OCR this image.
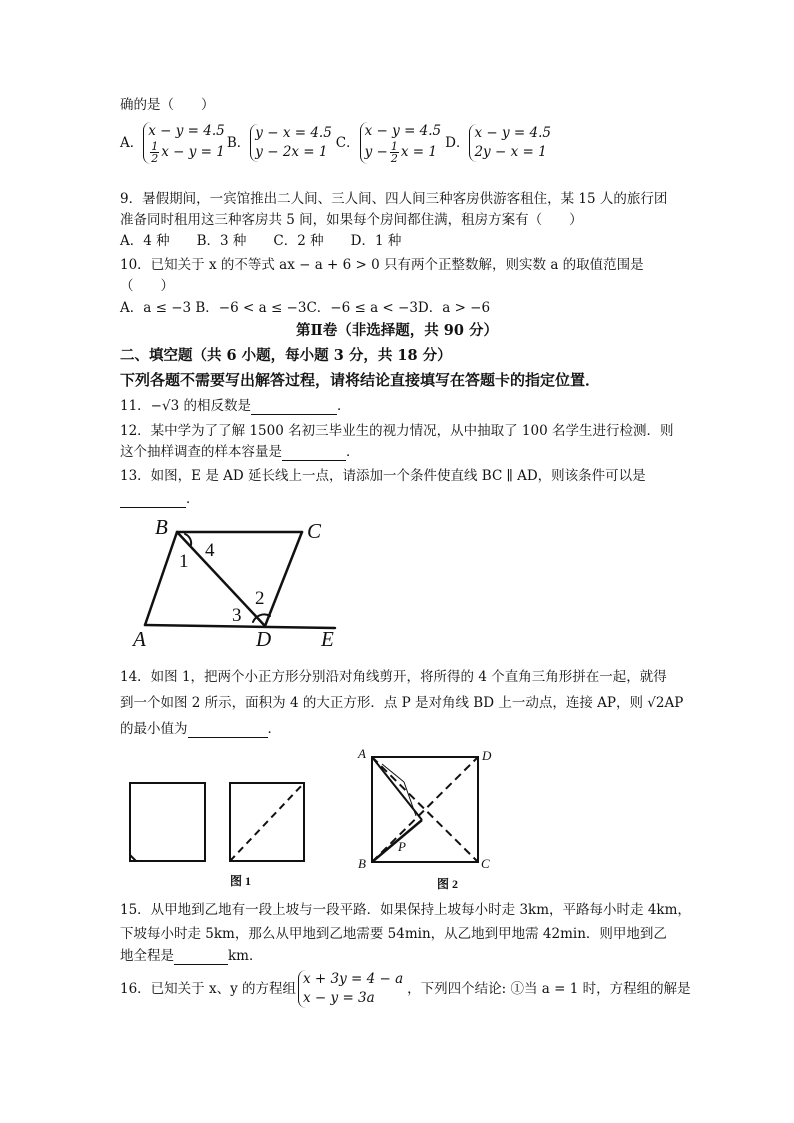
确的是（　　）
A．
x − y = 4.5

$\frac{1}{2}$ x − y = 1
B．
y − x = 4.5
y − 2x = 1
C．
x − y = 4.5
$y - \frac{1}{2}$ x = 1
D．
x − y = 4.5
2y − x = 1
9．暑假期间，一宾馆推出二人间、三人间、四人间三种客房供游客租住，某 15 人的旅行团
准备同时租用这三种客房共 5 间，如果每个房间都住满，租房方案有（　　）
A．4 种　　B．3 种　　C．2 种　　D．1 种
10．已知关于 x 的不等式 ax − a + 6 > 0 只有两个正整数解，则实数 a 的取值范围是
（　　）
A．a ≤ −3 B．−6 < a ≤ −3C．−6 ≤ a < −3D．a > −6
第Ⅱ卷（非选择题，共 90 分）
二、填空题（共 6 小题，每小题 3 分，共 18 分）
下列各题不需要写出解答过程，请将结论直接填写在答题卡的指定位置．
11．−√3 的相反数是	．
12．某中学为了了解 1500 名初三毕业生的视力情况，从中抽取了 100 名学生进行检测．则
这个抽样调查的样本容量是	．
13．如图，E 是 AD 延长线上一点，请添加一个条件使直线 BC ∥ AD，则该条件可以是
．
B	C
A	D E
1
4
2
3
14．如图 1，把两个小正方形分别沿对角线剪开，将所得的 4 个直角三角形拼在一起，就得
到一个如图 2 所示，面积为 4 的大正方形．点 P 是对角线 BD 上一动点，连接 AP，则 √2AP
的最小值为	．
A	D
B	C
P
图 1	图 2
15．从甲地到乙地有一段上坡与一段平路．如果保持上坡每小时走 3km，平路每小时走 4km，
下坡每小时走 5km，那么从甲地到乙地需要 54min，从乙地到甲地需 42min．则甲地到乙
地全程是	km．
16．已知关于 x、y 的方程组
x + 3y = 4 − a
x − y = 3a
，下列四个结论: ①当 a = 1 时，方程组的解是
